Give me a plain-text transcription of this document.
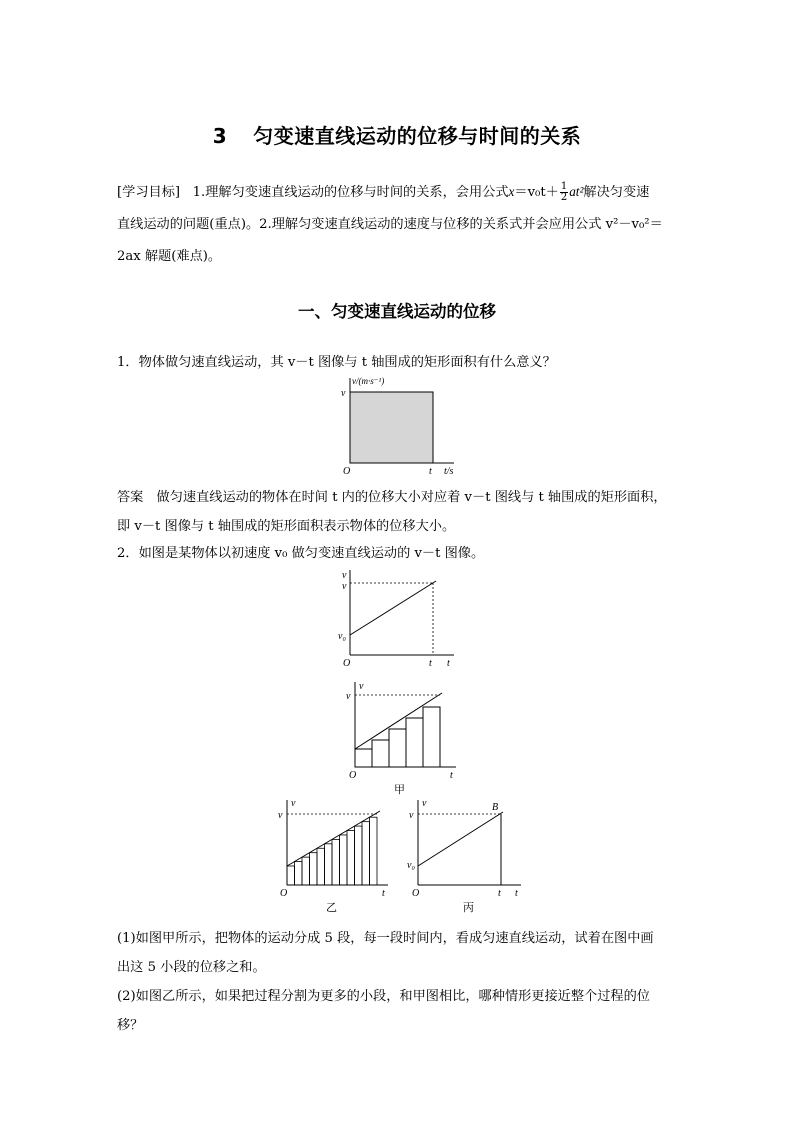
3 匀变速直线运动的位移与时间的关系
[学习目标] 1.理解匀变速直线运动的位移与时间的关系，会用公式$x=v_0t+ \frac{1}{2} at^2$解决匀变速
直线运动的问题(重点)。2.理解匀变速直线运动的速度与位移的关系式并会应用公式 v²－v₀²＝
2ax 解题(难点)。
一、匀变速直线运动的位移
1．物体做匀速直线运动，其 v－t 图像与 t 轴围成的矩形面积有什么意义？
v/(m·s⁻¹)
v
O	t t/s
答案　做匀速直线运动的物体在时间 t 内的位移大小对应着 v－t 图线与 t 轴围成的矩形面积，
即 v－t 图像与 t 轴围成的矩形面积表示物体的位移大小。
2．如图是某物体以初速度 v₀ 做匀变速直线运动的 v－t 图像。
v
v
v₀
O	t t
v
v
O	t
甲
v
v
O	t
乙
v
v
v₀
B
O	t t
丙
(1)如图甲所示，把物体的运动分成 5 段，每一段时间内，看成匀速直线运动，试着在图中画
出这 5 小段的位移之和。
(2)如图乙所示，如果把过程分割为更多的小段，和甲图相比，哪种情形更接近整个过程的位
移？
